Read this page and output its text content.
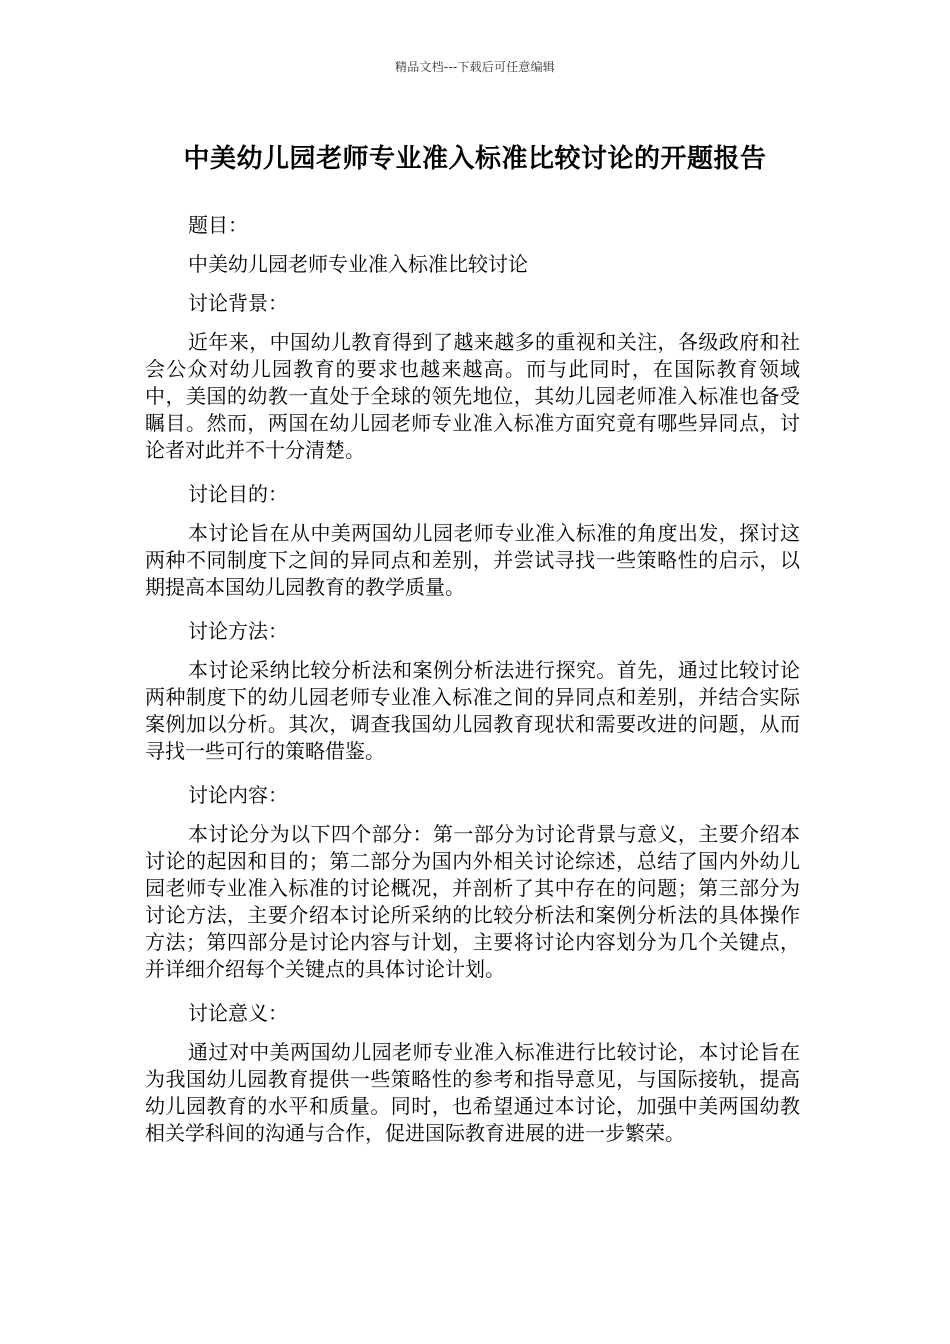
精品文档---下载后可任意编辑
中美幼儿园老师专业准入标准比较讨论的开题报告

题目：

中美幼儿园老师专业准入标准比较讨论

讨论背景：

近年来，中国幼儿教育得到了越来越多的重视和关注，各级政府和社会公众对幼儿园教育的要求也越来越高。而与此同时，在国际教育领域中，美国的幼教一直处于全球的领先地位，其幼儿园老师准入标准也备受瞩目。然而，两国在幼儿园老师专业准入标准方面究竟有哪些异同点，讨论者对此并不十分清楚。

讨论目的：

本讨论旨在从中美两国幼儿园老师专业准入标准的角度出发，探讨这两种不同制度下之间的异同点和差别，并尝试寻找一些策略性的启示，以期提高本国幼儿园教育的教学质量。

讨论方法：

本讨论采纳比较分析法和案例分析法进行探究。首先，通过比较讨论两种制度下的幼儿园老师专业准入标准之间的异同点和差别，并结合实际案例加以分析。其次，调查我国幼儿园教育现状和需要改进的问题，从而寻找一些可行的策略借鉴。

讨论内容：

本讨论分为以下四个部分：第一部分为讨论背景与意义，主要介绍本讨论的起因和目的；第二部分为国内外相关讨论综述，总结了国内外幼儿园老师专业准入标准的讨论概况，并剖析了其中存在的问题；第三部分为讨论方法，主要介绍本讨论所采纳的比较分析法和案例分析法的具体操作方法；第四部分是讨论内容与计划，主要将讨论内容划分为几个关键点，并详细介绍每个关键点的具体讨论计划。

讨论意义：

通过对中美两国幼儿园老师专业准入标准进行比较讨论，本讨论旨在为我国幼儿园教育提供一些策略性的参考和指导意见，与国际接轨，提高幼儿园教育的水平和质量。同时，也希望通过本讨论，加强中美两国幼教相关学科间的沟通与合作，促进国际教育进展的进一步繁荣。
